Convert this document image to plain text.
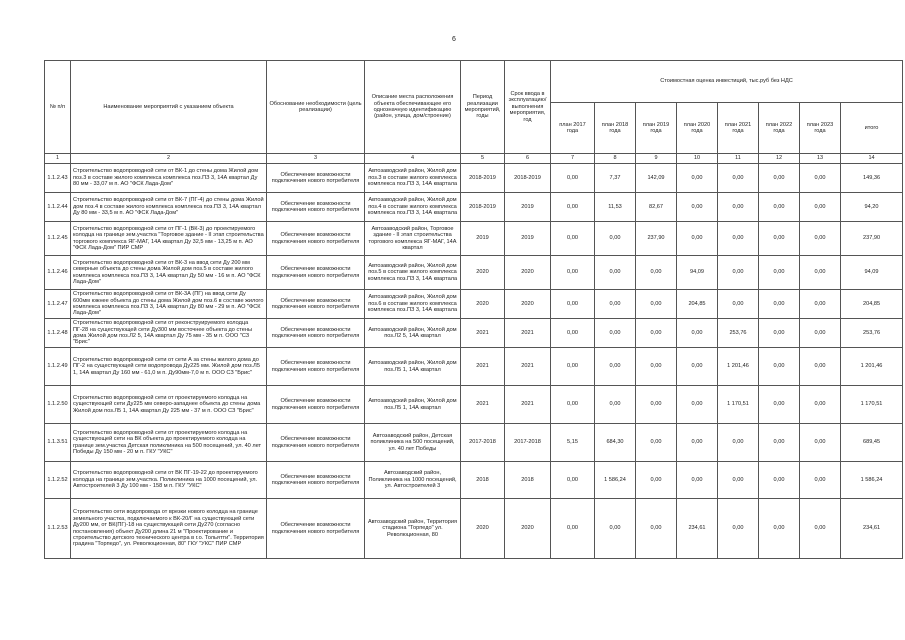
6
№ п/п	Наименование мероприятий с указанием объекта	Обоснование необходимости (цель реализации)	Описание места расположения объекта обеспечивающее его однозначную идентификацию (район, улица, дом/строение)	Период реализации мероприятий, годы	Срок ввода в эксплуатацию/выполнения мероприятия, год	Стоимостная оценка инвестиций, тыс.руб без НДС							
						план 2017 года	план 2018 года	план 2019 года	план 2020 года	план 2021 года	план 2022 года	план 2023 года	итого
1	2	3	4	5	6	7	8	9	10	11	12	13	14
1.1.2.43	Строительство водопроводной сети от ВК-1 до стены дома Жилой дом поз.3 в составе жилого комплекса комплекса поз.ПЗ 3, 14А квартал Ду 80 мм - 33,07 м п. АО "ФСК Лада-Дом"	Обеспечение возможности подключения нового потребителя	Автозаводский район, Жилой дом поз.3 в составе жилого комплекса комплекса поз.ПЗ 3, 14А квартала	2018-2019	2018-2019	0,00	7,37	142,09	0,00	0,00	0,00	0,00	149,36
1.1.2.44	Строительство водопроводной сети от ВК-7 (ПГ-4) до стены дома Жилой дом поз.4 в составе жилого комплекса комплекса поз.ПЗ 3, 14А квартал Ду 80 мм - 33,5 м п. АО "ФСК Лада-Дом"	Обеспечение возможности подключения нового потребителя	Автозаводский район, Жилой дом поз.4 в составе жилого комплекса комплекса поз.ПЗ 3, 14А квартала	2018-2019	2019	0,00	11,53	82,67	0,00	0,00	0,00	0,00	94,20
1.1.2.45	Строительство водопроводной сети от ПГ-1 (ВК-3) до проектируемого колодца на границе зем.участка "Торговое здание - II этап строительства торгового комплекса ЯГ-МАГ, 14А квартал Ду 32,5 мм - 13,25 м п. АО "ФСК Лада-Дом" ПИР СМР	Обеспечение возможности подключения нового потребителя	Автозаводский район, Торговое здание - II этап строительства торгового комплекса ЯГ-МАГ, 14А квартал	2019	2019	0,00	0,00	237,90	0,00	0,00	0,00	0,00	237,90
1.1.2.46	Строительство водопроводной сети от ВК-3 на ввод сети Ду 200 мм северные объекта до стены дома Жилой дом поз.5 в составе жилого комплекса комплекса поз.ПЗ 3, 14А квартал Ду 50 мм - 16 м п. АО "ФСК Лада-Дом"	Обеспечение возможности подключения нового потребителя	Автозаводский район, Жилой дом поз.5 в составе жилого комплекса комплекса поз.ПЗ 3, 14А квартала	2020	2020	0,00	0,00	0,00	94,09	0,00	0,00	0,00	94,09
1.1.2.47	Строительство водопроводной сети от ВК-3А (ПГ) на ввод сети Ду 600мм южнее объекта до стены дома Жилой дом поз.6 в составе жилого комплекса комплекса поз.ПЗ 3, 14А квартал Ду 80 мм - 29 м п. АО "ФСК Лада-Дом"	Обеспечение возможности подключения нового потребителя	Автозаводский район, Жилой дом поз.6 в составе жилого комплекса комплекса поз.ПЗ 3, 14А квартала	2020	2020	0,00	0,00	0,00	204,85	0,00	0,00	0,00	204,85
1.1.2.48	Строительство водопроводной сети от реконструируемого колодца ПГ-28 на существующей сети Ду300 мм восточнее объекта до стены дома Жилой дом поз.Л2 5, 14А квартал Ду 75 мм - 35 м п. ООО "СЗ "Брис"	Обеспечение возможности подключения нового потребителя	Автозаводский район, Жилой дом поз.Л2 5, 14А квартал	2021	2021	0,00	0,00	0,00	0,00	253,76	0,00	0,00	253,76
1.1.2.49	Строительство водопроводной сети от сети А за стены жилого дома до ПГ-2 на существующей сети водопровода Ду225 мм. Жилой дом поз.Л5 1, 14А квартал Ду 160 мм - 61,0 м п. Ду90мм-7,0 м п. ООО СЗ "Брис"	Обеспечение возможности подключения нового потребителя	Автозаводский район, Жилой дом поз.Л5 1, 14А квартал	2021	2021	0,00	0,00	0,00	0,00	1 201,46	0,00	0,00	1 201,46
1.1.2.50	Строительство водопроводной сети от проектируемого колодца на существующей сети Ду225 мм северо-западнее объекта до стены дома Жилой дом поз.Л5 1, 14А квартал Ду 225 мм - 37 м п. ООО СЗ "Брис"	Обеспечение возможности подключения нового потребителя	Автозаводский район, Жилой дом поз.Л5 1, 14А квартал	2021	2021	0,00	0,00	0,00	0,00	1 170,51	0,00	0,00	1 170,51
1.1.3.51	Строительство водопроводной сети от проектируемого колодца на существующей сети на ВК объекта до проектируемого колодца на границе зем.участка Детская поликлиника на 500 посещений, ул. 40 лет Победы Ду 150 мм - 20 м п. ГКУ "УКС"	Обеспечение возможности подключения нового потребителя	Автозаводский район, Детская поликлиника на 500 посещений, ул. 40 лет Победы	2017-2018	2017-2018	5,15	684,30	0,00	0,00	0,00	0,00	0,00	689,45
1.1.2.52	Строительство водопроводной сети от ВК ПГ-19-22 до проектируемого колодца на границе зем.участка. Поликлиника на 1000 посещений, ул. Автостроителей 3 Ду 100 мм - 158 м п. ГКУ "УКС"	Обеспечение возможности подключения нового потребителя	Автозаводский район, Поликлиника на 1000 посещений, ул. Автостроителей 3	2018	2018	0,00	1 586,24	0,00	0,00	0,00	0,00	0,00	1 586,24
1.1.2.53	Строительство сети водопровода от врезки нового колодца на границе земельного участка, подключаемого к ВК-20/Г на существующей сети Ду200 мм, от ВК(ПГ)-18 на существующей сети Ду270 (согласно постановления) объект Ду200 длина 21 м "Проектирование и строительство детского технического центра в г.о. Тольятти". Территория градина "Торпедо", ул. Революционная, 80" ГКУ "УКС" ПИР СМР	Обеспечение возможности подключения нового потребителя	Автозаводский район, Территория стадиона "Торпедо" ул. Революционная, 80	2020	2020	0,00	0,00	0,00	234,61	0,00	0,00	0,00	234,61
